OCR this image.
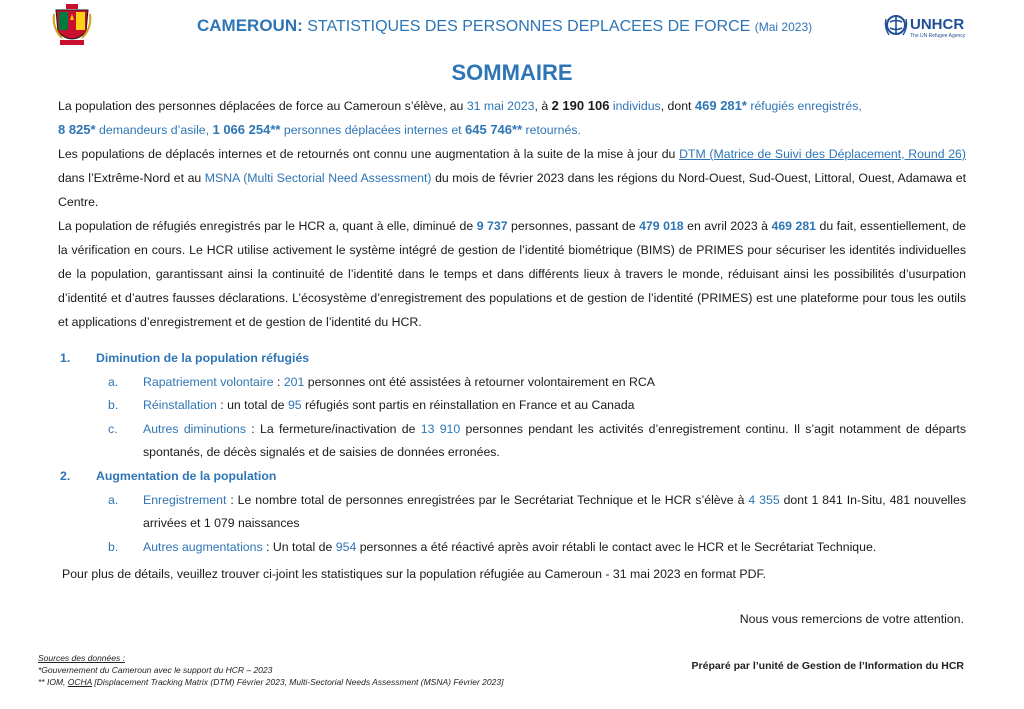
CAMEROUN: STATISTIQUES DES PERSONNES DEPLACEES DE FORCE (Mai 2023)	UNHCR
The UN Refugee Agency
SOMMAIRE

La population des personnes déplacées de force au Cameroun s’élève, au 31 mai 2023, à 2 190 106 individus, dont 469 281* réfugiés enregistrés,
8 825* demandeurs d’asile, 1 066 254** personnes déplacées internes et 645 746** retournés.

Les populations de déplacés internes et de retournés ont connu une augmentation à la suite de la mise à jour du DTM (Matrice de Suivi des Déplacement, Round 26) dans l’Extrême-Nord et au MSNA (Multi Sectorial Need Assessment) du mois de février 2023 dans les régions du Nord-Ouest, Sud-Ouest, Littoral, Ouest, Adamawa et Centre.

La population de réfugiés enregistrés par le HCR a, quant à elle, diminué de 9 737 personnes, passant de 479 018 en avril 2023 à 469 281 du fait, essentiellement, de la vérification en cours. Le HCR utilise activement le système intégré de gestion de l’identité biométrique (BIMS) de PRIMES pour sécuriser les identités individuelles de la population, garantissant ainsi la continuité de l’identité dans le temps et dans différents lieux à travers le monde, réduisant ainsi les possibilités d’usurpation d’identité et d’autres fausses déclarations. L’écosystème d’enregistrement des populations et de gestion de l’identité (PRIMES) est une plateforme pour tous les outils et applications d’enregistrement et de gestion de l’identité du HCR.

1. Diminution de la population réfugiés
a. Rapatriement volontaire : 201 personnes ont été assistées à retourner volontairement en RCA
b. Réinstallation : un total de 95 réfugiés sont partis en réinstallation en France et au Canada
c. Autres diminutions : La fermeture/inactivation de 13 910 personnes pendant les activités d’enregistrement continu. Il s’agit notamment de départs spontanés, de décès signalés et de saisies de données erronées.
2. Augmentation de la population
a. Enregistrement : Le nombre total de personnes enregistrées par le Secrétariat Technique et le HCR s’élève à 4 355 dont 1 841 In-Situ, 481 nouvelles arrivées et 1 079 naissances
b. Autres augmentations : Un total de 954 personnes a été réactivé après avoir rétabli le contact avec le HCR et le Secrétariat Technique.
Pour plus de détails, veuillez trouver ci-joint les statistiques sur la population réfugiée au Cameroun - 31 mai 2023 en format PDF.
Nous vous remercions de votre attention.
Sources des données :
*Gouvernement du Cameroun avec le support du HCR – 2023
** IOM, OCHA [Displacement Tracking Matrix (DTM) Février 2023, Multi-Sectorial Needs Assessment (MSNA) Février 2023]
Préparé par l’unité de Gestion de l’Information du HCR
